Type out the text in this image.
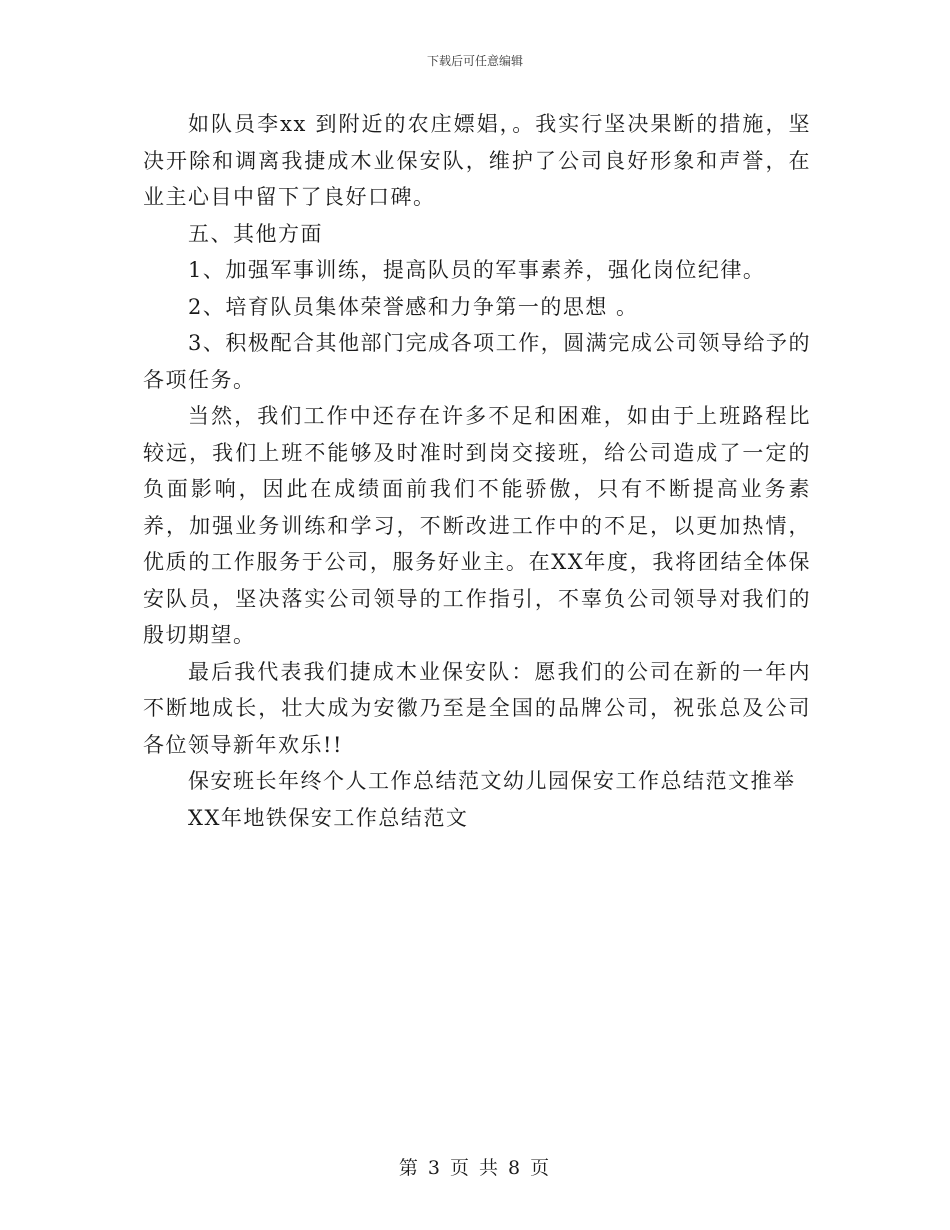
下载后可任意编辑

如队员李xx 到附近的农庄嫖娼，。我实行坚决果断的措施，坚决开除和调离我捷成木业保安队，维护了公司良好形象和声誉，在业主心目中留下了良好口碑。

五、其他方面

1、加强军事训练，提高队员的军事素养，强化岗位纪律。

2、培育队员集体荣誉感和力争第一的思想 。

3、积极配合其他部门完成各项工作，圆满完成公司领导给予的各项任务。

当然，我们工作中还存在许多不足和困难，如由于上班路程比较远，我们上班不能够及时准时到岗交接班，给公司造成了一定的负面影响，因此在成绩面前我们不能骄傲，只有不断提高业务素养，加强业务训练和学习，不断改进工作中的不足，以更加热情，优质的工作服务于公司，服务好业主。在XX年度，我将团结全体保安队员，坚决落实公司领导的工作指引，不辜负公司领导对我们的殷切期望。

最后我代表我们捷成木业保安队：愿我们的公司在新的一年内不断地成长，壮大成为安徽乃至是全国的品牌公司，祝张总及公司各位领导新年欢乐!!

保安班长年终个人工作总结范文幼儿园保安工作总结范文推举

XX年地铁保安工作总结范文

第 3 页 共 8 页
